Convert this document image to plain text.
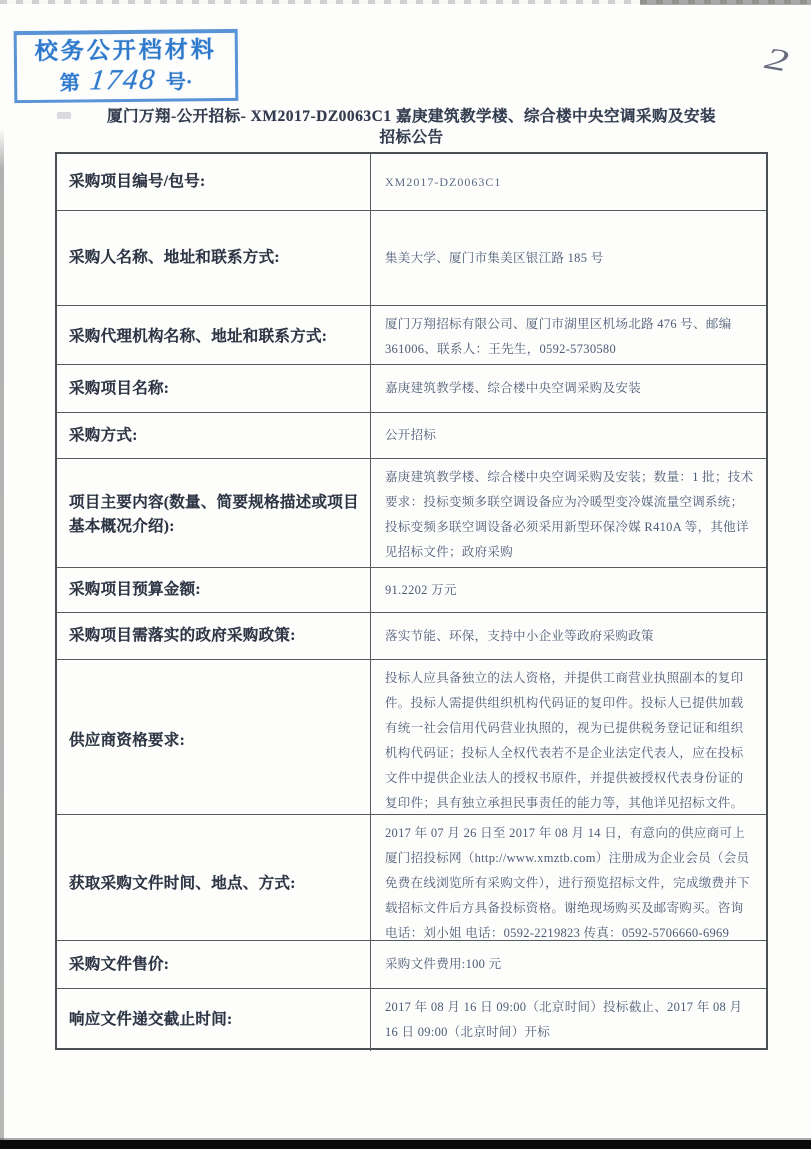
校务公开档材料
第 1748 号·
2
厦门万翔-公开招标- XM2017-DZ0063C1 嘉庚建筑教学楼、综合楼中央空调采购及安装
招标公告
采购项目编号/包号:	XM2017-DZ0063C1
采购人名称、地址和联系方式:	集美大学、厦门市集美区银江路 185 号
采购代理机构名称、地址和联系方式:
厦门万翔招标有限公司、厦门市湖里区机场北路 476 号、邮编 361006、联系人：王先生，0592-5730580
采购项目名称:	嘉庚建筑教学楼、综合楼中央空调采购及安装
采购方式:	公开招标
项目主要内容(数量、简要规格描述或项目基本概况介绍):
嘉庚建筑教学楼、综合楼中央空调采购及安装；数量：1 批；技术要求：投标变频多联空调设备应为冷暖型变冷媒流量空调系统；投标变频多联空调设备必须采用新型环保冷媒 R410A 等，其他详见招标文件；政府采购
采购项目预算金额:	91.2202 万元
采购项目需落实的政府采购政策:	落实节能、环保，支持中小企业等政府采购政策
供应商资格要求:
投标人应具备独立的法人资格，并提供工商营业执照副本的复印件。投标人需提供组织机构代码证的复印件。投标人已提供加载有统一社会信用代码营业执照的，视为已提供税务登记证和组织机构代码证；投标人全权代表若不是企业法定代表人，应在投标文件中提供企业法人的授权书原件，并提供被授权代表身份证的复印件；具有独立承担民事责任的能力等，其他详见招标文件。
获取采购文件时间、地点、方式:
2017 年 07 月 26 日至 2017 年 08 月 14 日，有意向的供应商可上厦门招投标网（http://www.xmztb.com）注册成为企业会员（会员免费在线浏览所有采购文件），进行预览招标文件，完成缴费并下载招标文件后方具备投标资格。谢绝现场购买及邮寄购买。咨询电话：刘小姐 电话：0592-2219823 传真：0592-5706660-6969
采购文件售价:	采购文件费用:100 元
响应文件递交截止时间:
2017 年 08 月 16 日 09:00（北京时间）投标截止、2017 年 08 月 16 日 09:00（北京时间）开标
